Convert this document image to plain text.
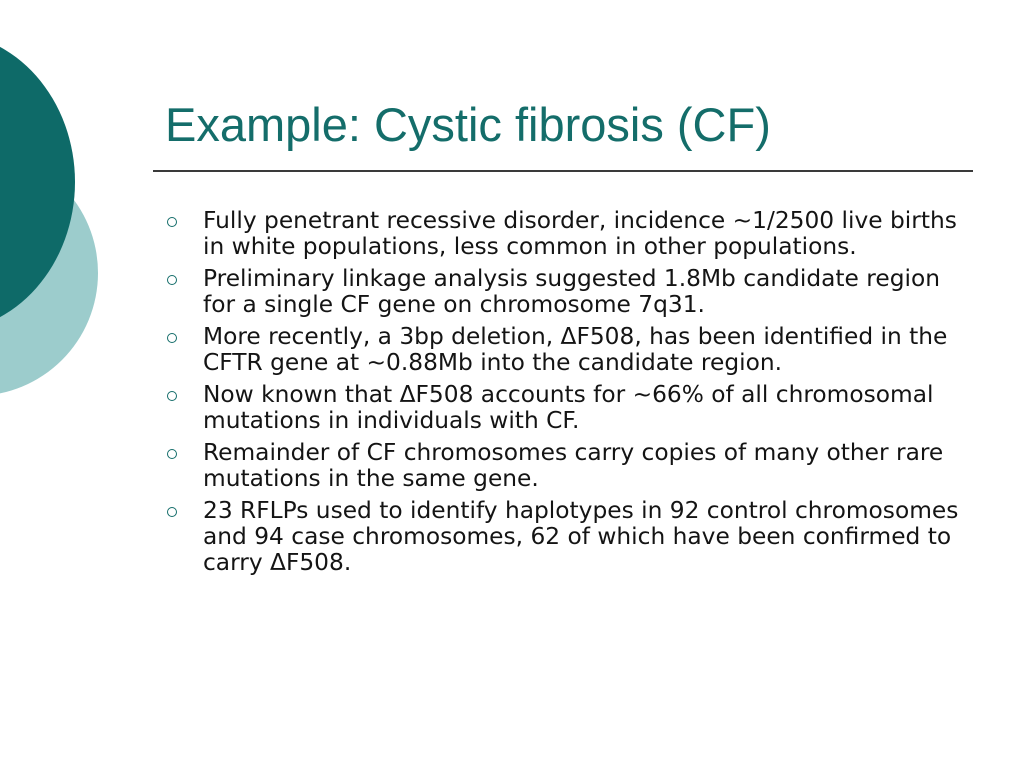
Example: Cystic fibrosis (CF)
Fully penetrant recessive disorder, incidence ~1/2500 live births in white populations, less common in other populations.
Preliminary linkage analysis suggested 1.8Mb candidate region for a single CF gene on chromosome 7q31.
More recently, a 3bp deletion, ΔF508, has been identified in the CFTR gene at ~0.88Mb into the candidate region.
Now known that ΔF508 accounts for ~66% of all chromosomal mutations in individuals with CF.
Remainder of CF chromosomes carry copies of many other rare mutations in the same gene.
23 RFLPs used to identify haplotypes in 92 control chromosomes and 94 case chromosomes, 62 of which have been confirmed to carry ΔF508.
